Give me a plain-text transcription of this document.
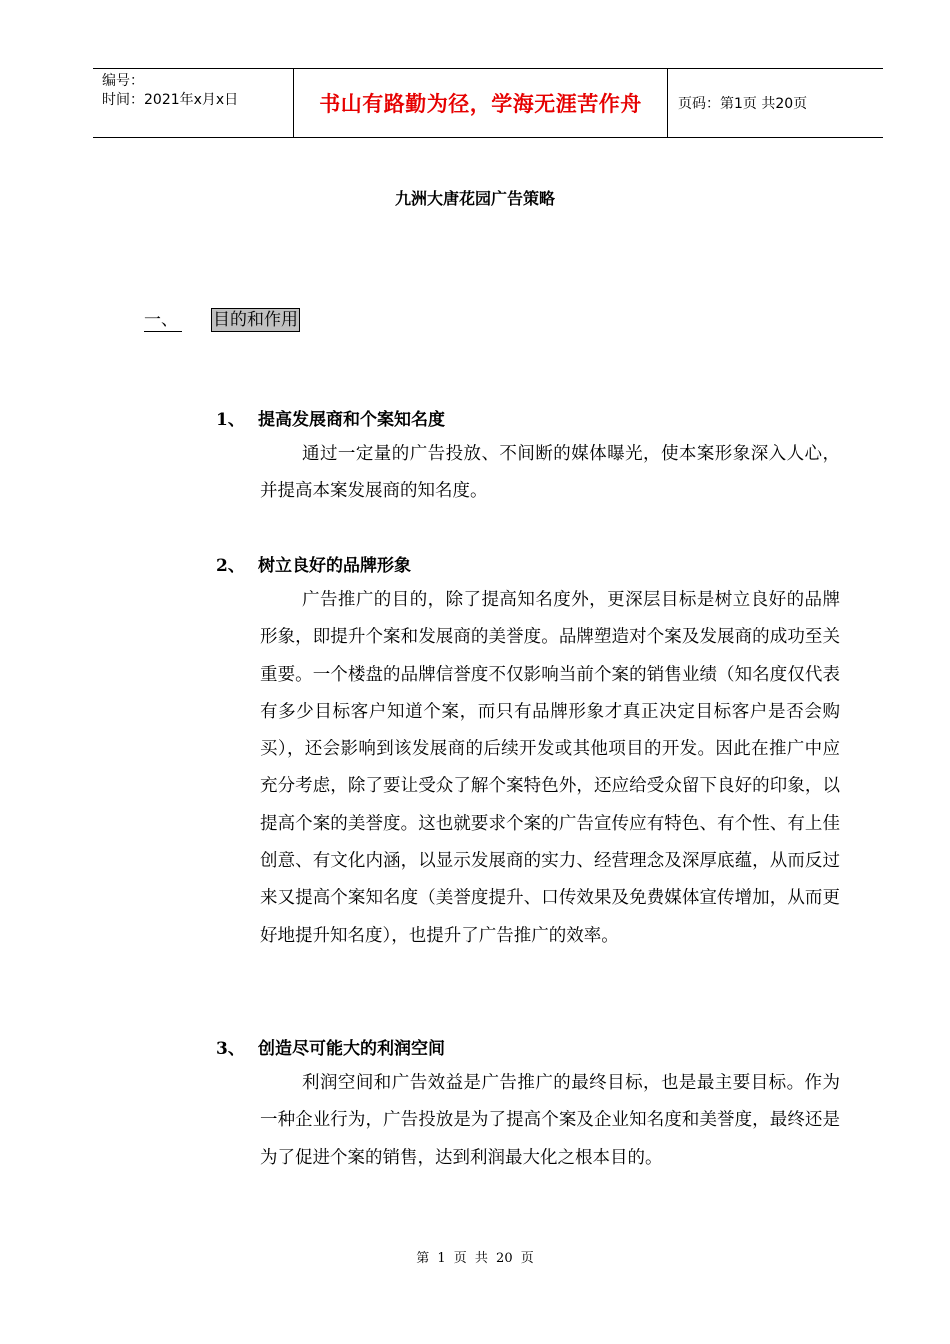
编号：
时间：2021年x月x日	书山有路勤为径，学海无涯苦作舟	页码：第1页 共20页
九洲大唐花园广告策略
一、 目的和作用
1、 提高发展商和个案知名度

通过一定量的广告投放、不间断的媒体曝光，使本案形象深入人心，并提高本案发展商的知名度。

2、 树立良好的品牌形象

广告推广的目的，除了提高知名度外，更深层目标是树立良好的品牌形象，即提升个案和发展商的美誉度。品牌塑造对个案及发展商的成功至关重要。一个楼盘的品牌信誉度不仅影响当前个案的销售业绩（知名度仅代表有多少目标客户知道个案，而只有品牌形象才真正决定目标客户是否会购买），还会影响到该发展商的后续开发或其他项目的开发。因此在推广中应充分考虑，除了要让受众了解个案特色外，还应给受众留下良好的印象，以提高个案的美誉度。这也就要求个案的广告宣传应有特色、有个性、有上佳创意、有文化内涵，以显示发展商的实力、经营理念及深厚底蕴，从而反过来又提高个案知名度（美誉度提升、口传效果及免费媒体宣传增加，从而更好地提升知名度），也提升了广告推广的效率。

3、 创造尽可能大的利润空间

利润空间和广告效益是广告推广的最终目标，也是最主要目标。作为一种企业行为，广告投放是为了提高个案及企业知名度和美誉度，最终还是为了促进个案的销售，达到利润最大化之根本目的。

第 1 页 共 20 页
